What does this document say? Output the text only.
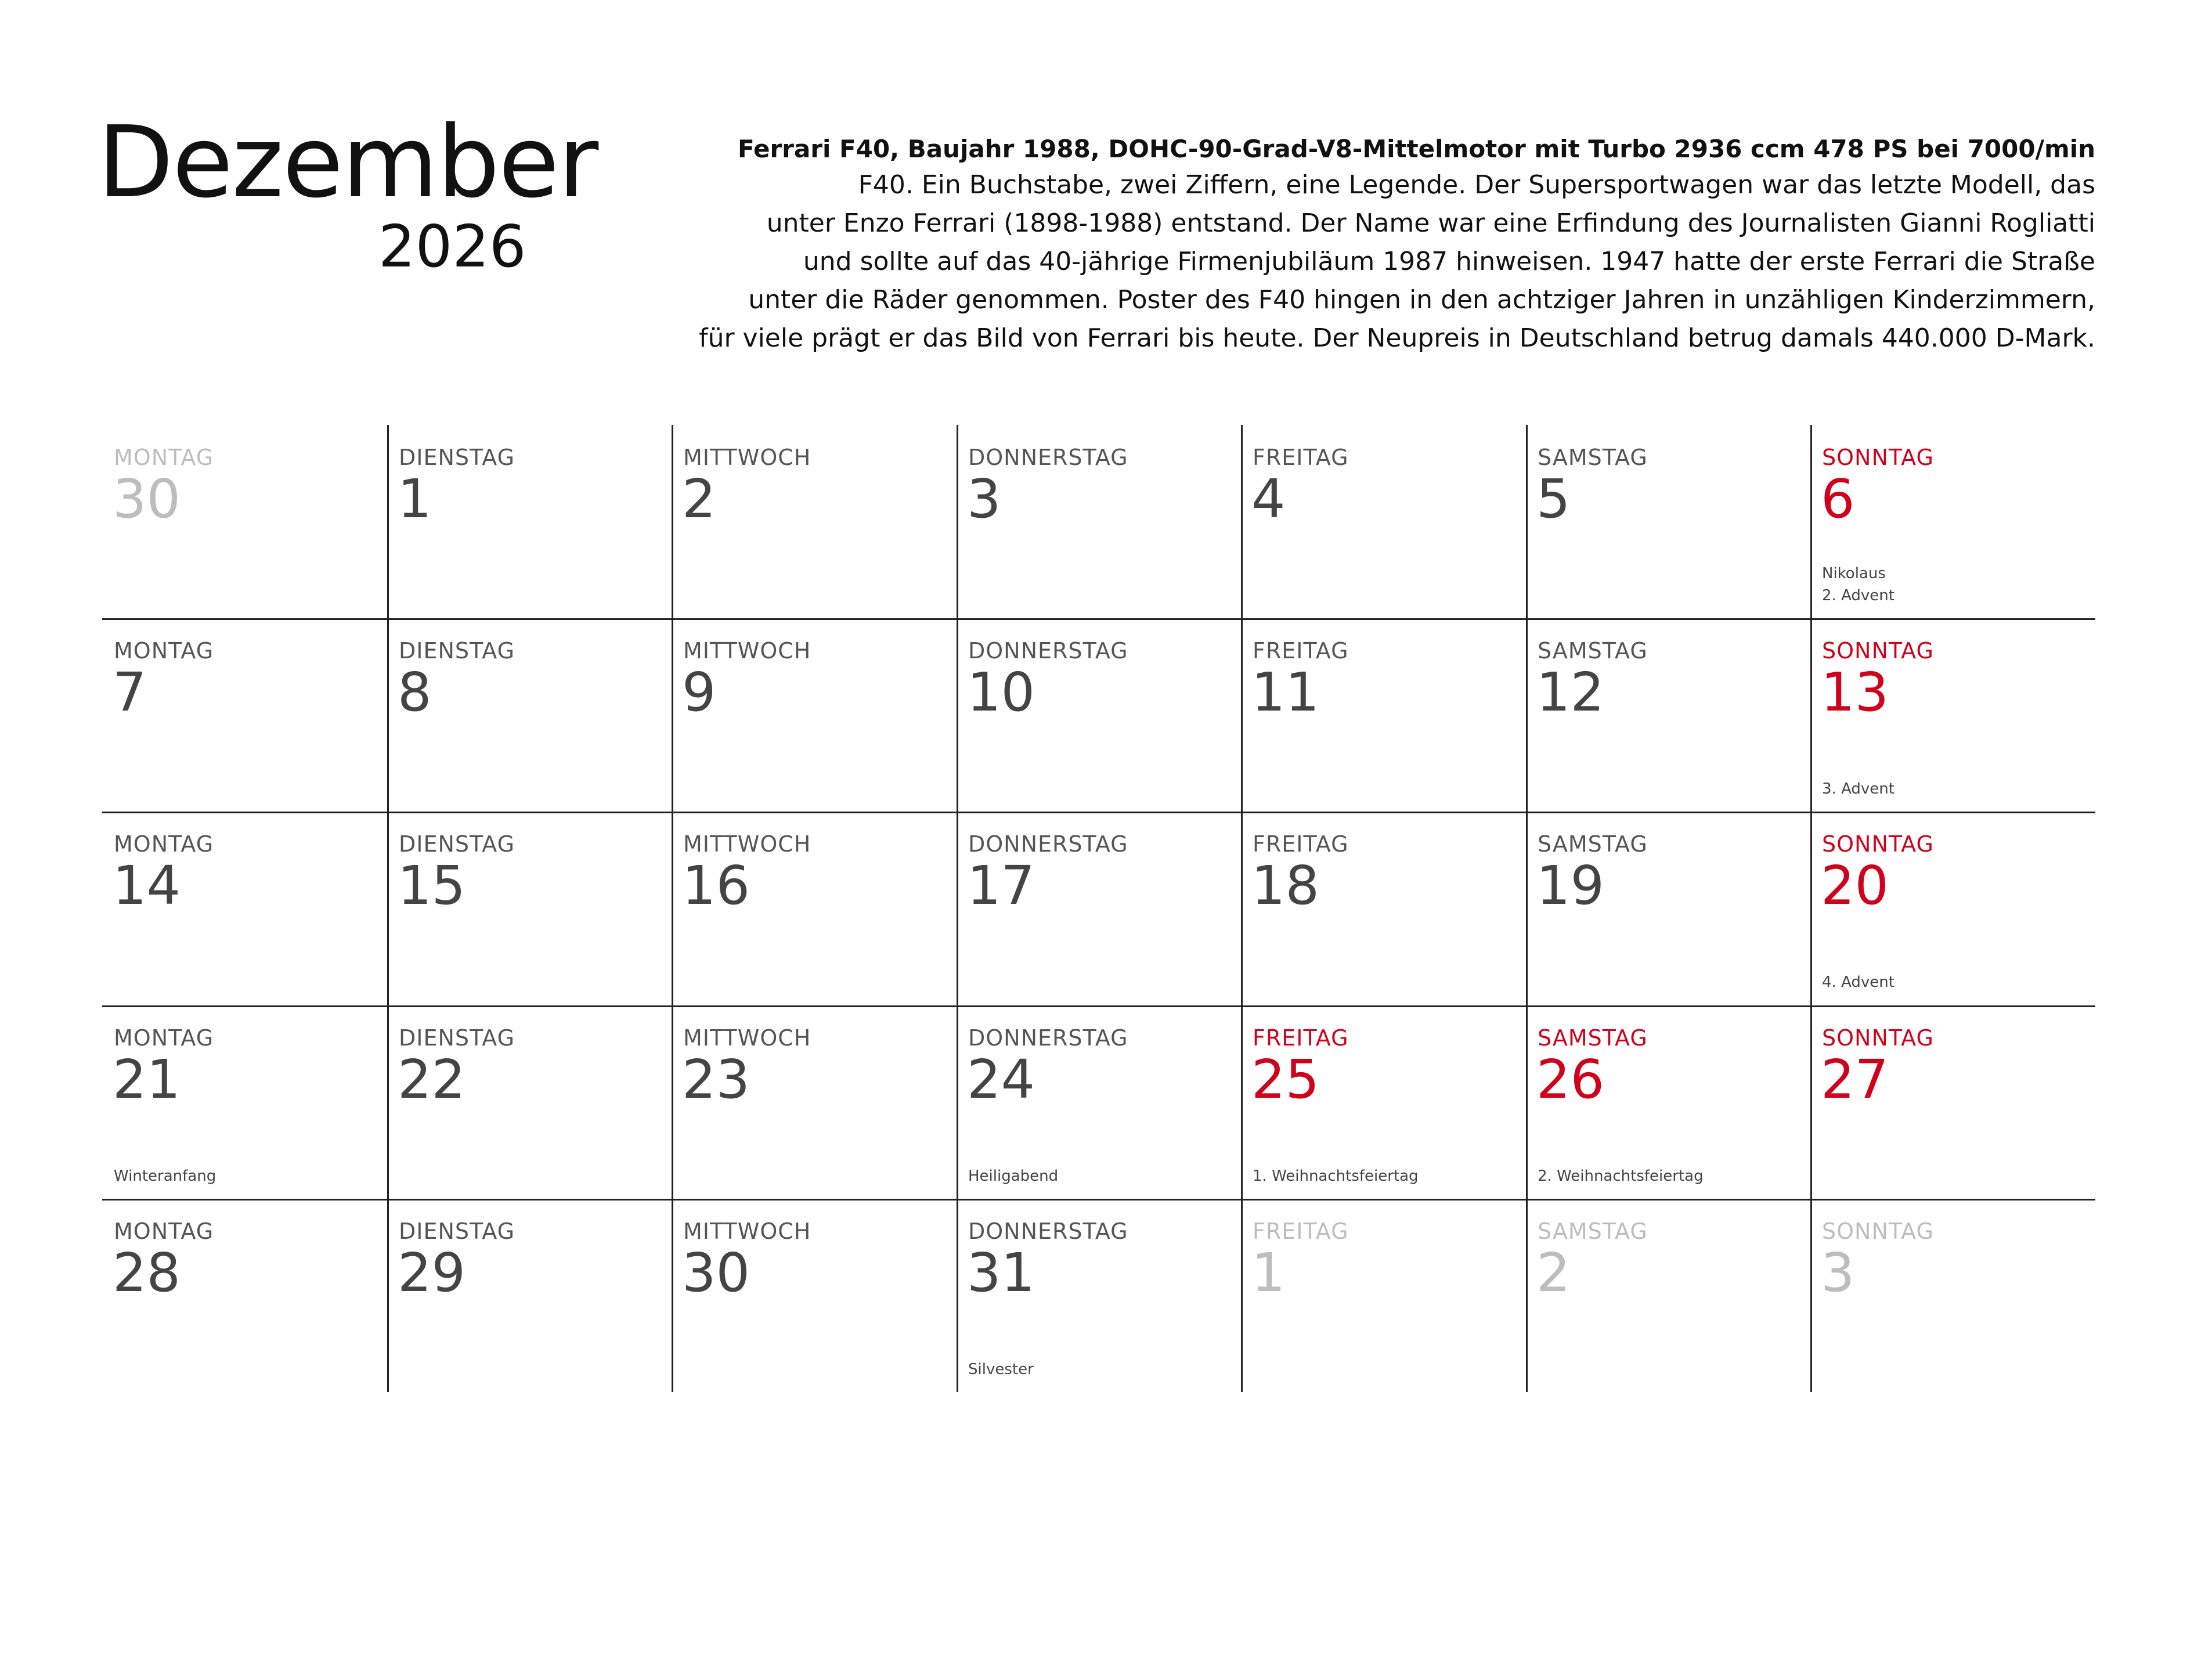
Dezember
2026
Ferrari F40, Baujahr 1988, DOHC-90-Grad-V8-Mittelmotor mit Turbo 2936 ccm 478 PS bei 7000/min
F40. Ein Buchstabe, zwei Ziffern, eine Legende. Der Supersportwagen war das letzte Modell, das
unter Enzo Ferrari (1898-1988) entstand. Der Name war eine Erfindung des Journalisten Gianni Rogliatti
und sollte auf das 40-jährige Firmenjubiläum 1987 hinweisen. 1947 hatte der erste Ferrari die Straße
unter die Räder genommen. Poster des F40 hingen in den achtziger Jahren in unzähligen Kinderzimmern,
für viele prägt er das Bild von Ferrari bis heute. Der Neupreis in Deutschland betrug damals 440.000 D-Mark.
MONTAG
30
DIENSTAG
1
MITTWOCH
2
DONNERSTAG
3
FREITAG
4
SAMSTAG
5
SONNTAG
6
Nikolaus
2. Advent
MONTAG
7
DIENSTAG
8
MITTWOCH
9
DONNERSTAG
10
FREITAG
11
SAMSTAG
12
SONNTAG
13
3. Advent
MONTAG
14
DIENSTAG
15
MITTWOCH
16
DONNERSTAG
17
FREITAG
18
SAMSTAG
19
SONNTAG
20
4. Advent
MONTAG
21
Winteranfang
DIENSTAG
22
MITTWOCH
23
DONNERSTAG
24
Heiligabend
FREITAG
25
1. Weihnachtsfeiertag
SAMSTAG
26
2. Weihnachtsfeiertag
SONNTAG
27
MONTAG
28
DIENSTAG
29
MITTWOCH
30
DONNERSTAG
31
Silvester
FREITAG
1
SAMSTAG
2
SONNTAG
3
